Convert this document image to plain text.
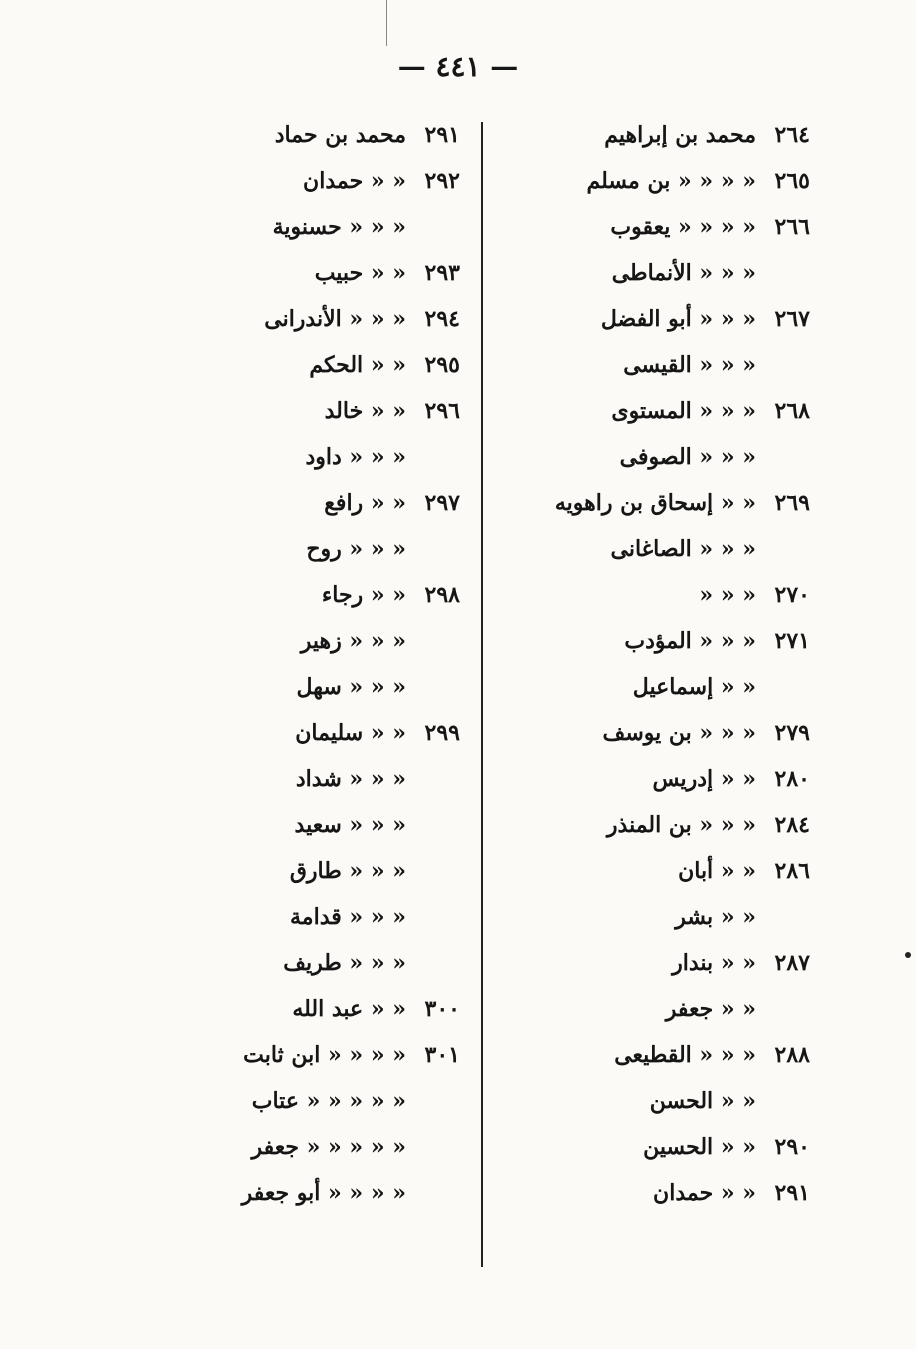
— ٤٤١ —
٢٦٤
محمد بن إبراهيم
٢٦٥
« « « « بن مسلم
٢٦٦
« « « « يعقوب
« « « الأنماطى
٢٦٧
« « « أبو الفضل
« « « القيسى
٢٦٨
« « « المستوى
« « « الصوفى
٢٦٩
« « إسحاق بن راهويه
« « « الصاغانى
٢٧٠
« « «
٢٧١
« « « المؤدب
« « إسماعيل
٢٧٩
« « « بن يوسف
٢٨٠
« « إدريس
٢٨٤
« « « بن المنذر
٢٨٦
« « أبان
« « بشر
٢٨٧
« « بندار
« « جعفر
٢٨٨
« « « القطيعى
« « الحسن
٢٩٠
« « الحسين
٢٩١
« « حمدان
٢٩١
محمد بن حماد
٢٩٢
« « حمدان
« « « حسنوية
٢٩٣
« « حبيب
٢٩٤
« « « الأندرانى
٢٩٥
« « الحكم
٢٩٦
« « خالد
« « « داود
٢٩٧
« « رافع
« « « روح
٢٩٨
« « رجاء
« « « زهير
« « « سهل
٢٩٩
« « سليمان
« « « شداد
« « « سعيد
« « « طارق
« « « قدامة
« « « طريف
٣٠٠
« « عبد الله
٣٠١
« « « « ابن ثابت
« « « « « عتاب
« « « « « جعفر
« « « « أبو جعفر
